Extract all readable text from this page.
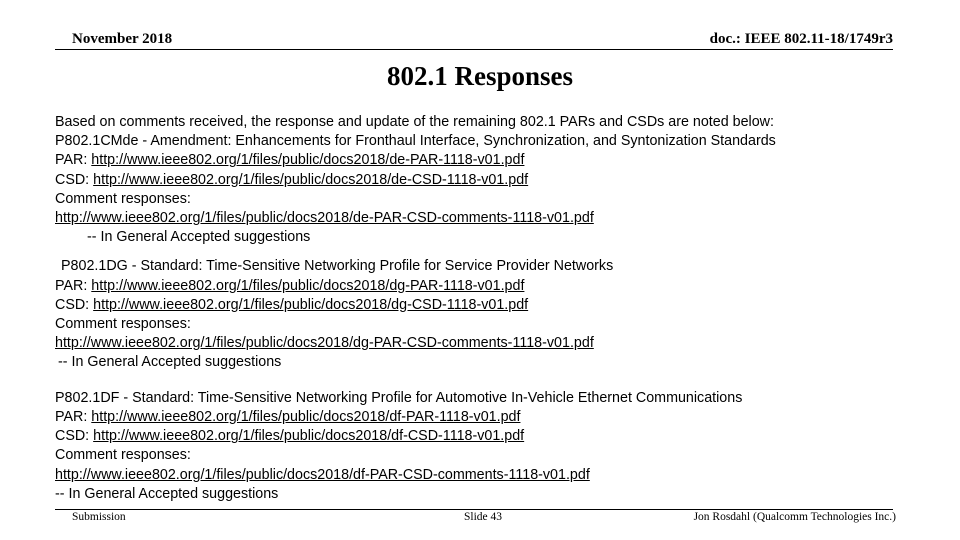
November 2018	doc.: IEEE 802.11-18/1749r3
802.1 Responses
Based on comments received, the response and update of the remaining 802.1 PARs and CSDs are noted below:
P802.1CMde - Amendment: Enhancements for Fronthaul Interface, Synchronization, and Syntonization Standards
PAR: http://www.ieee802.org/1/files/public/docs2018/de-PAR-1118-v01.pdf
CSD: http://www.ieee802.org/1/files/public/docs2018/de-CSD-1118-v01.pdf
Comment responses:
http://www.ieee802.org/1/files/public/docs2018/de-PAR-CSD-comments-1118-v01.pdf
-- In General Accepted suggestions
P802.1DG - Standard: Time-Sensitive Networking Profile for Service Provider Networks
PAR: http://www.ieee802.org/1/files/public/docs2018/dg-PAR-1118-v01.pdf
CSD: http://www.ieee802.org/1/files/public/docs2018/dg-CSD-1118-v01.pdf
Comment responses:
http://www.ieee802.org/1/files/public/docs2018/dg-PAR-CSD-comments-1118-v01.pdf
-- In General Accepted suggestions
P802.1DF - Standard: Time-Sensitive Networking Profile for Automotive In-Vehicle Ethernet Communications
PAR: http://www.ieee802.org/1/files/public/docs2018/df-PAR-1118-v01.pdf
CSD: http://www.ieee802.org/1/files/public/docs2018/df-CSD-1118-v01.pdf
Comment responses:
http://www.ieee802.org/1/files/public/docs2018/df-PAR-CSD-comments-1118-v01.pdf
-- In General Accepted suggestions
Submission	Slide 43	Jon Rosdahl (Qualcomm Technologies Inc.)
